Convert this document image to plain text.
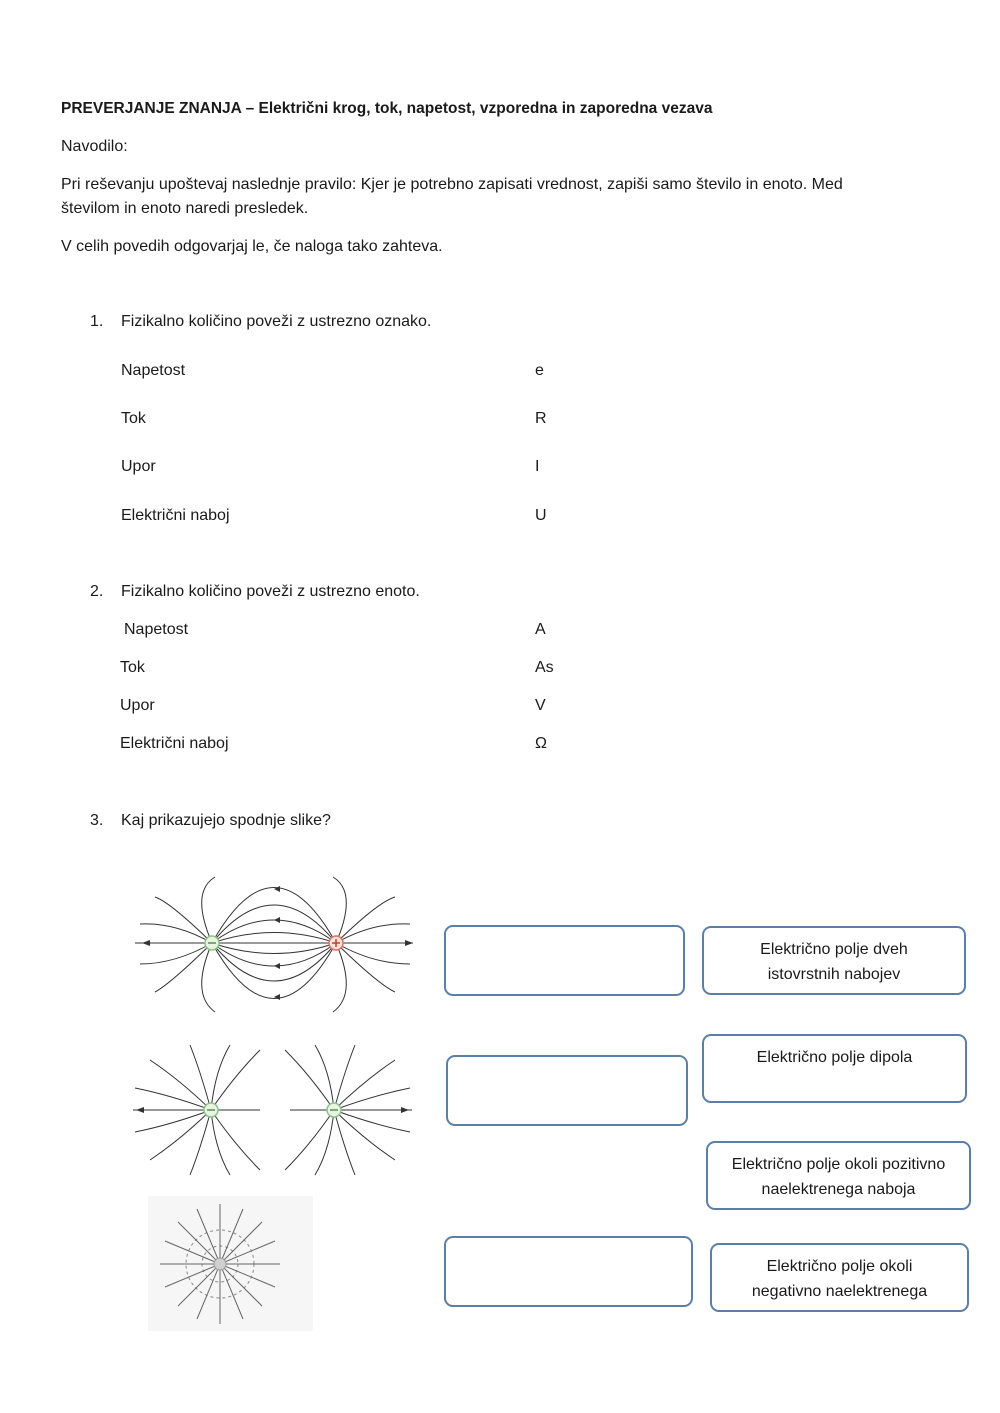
PREVERJANJE ZNANJA – Električni krog, tok, napetost, vzporedna in zaporedna vezava
Navodilo:
Pri reševanju upoštevaj naslednje pravilo: Kjer je potrebno zapisati vrednost, zapiši samo število in enoto. Med
številom in enoto naredi presledek.
V celih povedih odgovarjaj le, če naloga tako zahteva.
1. Fizikalno količino poveži z ustrezno oznako.
Napetost
Tok
Upor
Električni naboj
e
R
I
U
2. Fizikalno količino poveži z ustrezno enoto.
Napetost
Tok
Upor
Električni naboj
A
As
V
Ω
3. Kaj prikazujejo spodnje slike?
Električno polje dveh
istovrstnih nabojev
Električno polje dipola
Električno polje okoli pozitivno
naelektrenega naboja
Električno polje okoli
negativno naelektrenega
